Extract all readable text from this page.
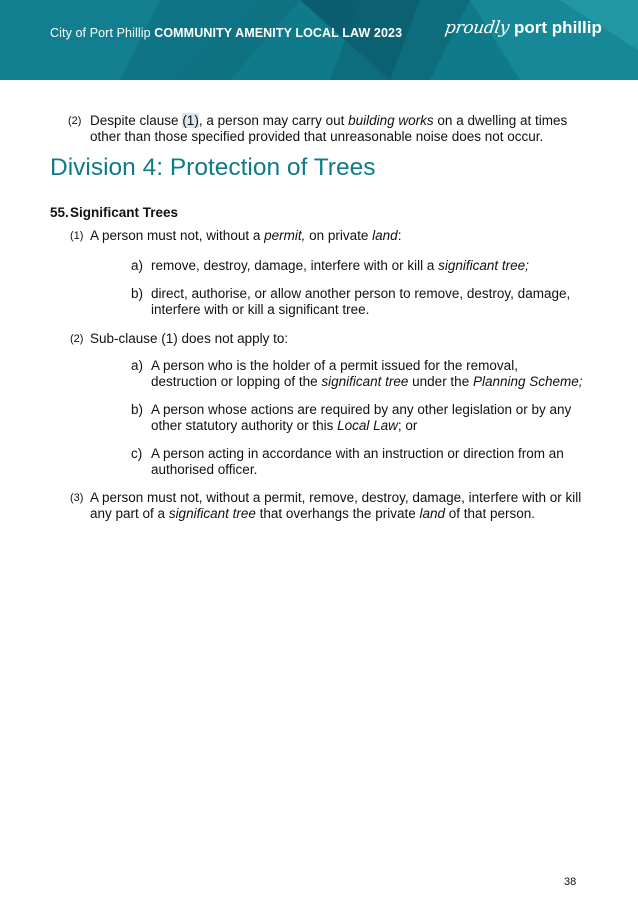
City of Port Phillip COMMUNITY AMENITY LOCAL LAW 2023 proudly port phillip
(2) Despite clause (1), a person may carry out building works on a dwelling at times other than those specified provided that unreasonable noise does not occur.
Division 4: Protection of Trees
55.Significant Trees
(1) A person must not, without a permit, on private land:
a) remove, destroy, damage, interfere with or kill a significant tree;
b) direct, authorise, or allow another person to remove, destroy, damage, interfere with or kill a significant tree.
(2) Sub-clause (1) does not apply to:
a) A person who is the holder of a permit issued for the removal, destruction or lopping of the significant tree under the Planning Scheme;
b) A person whose actions are required by any other legislation or by any other statutory authority or this Local Law; or
c) A person acting in accordance with an instruction or direction from an authorised officer.
(3) A person must not, without a permit, remove, destroy, damage, interfere with or kill any part of a significant tree that overhangs the private land of that person.
38
